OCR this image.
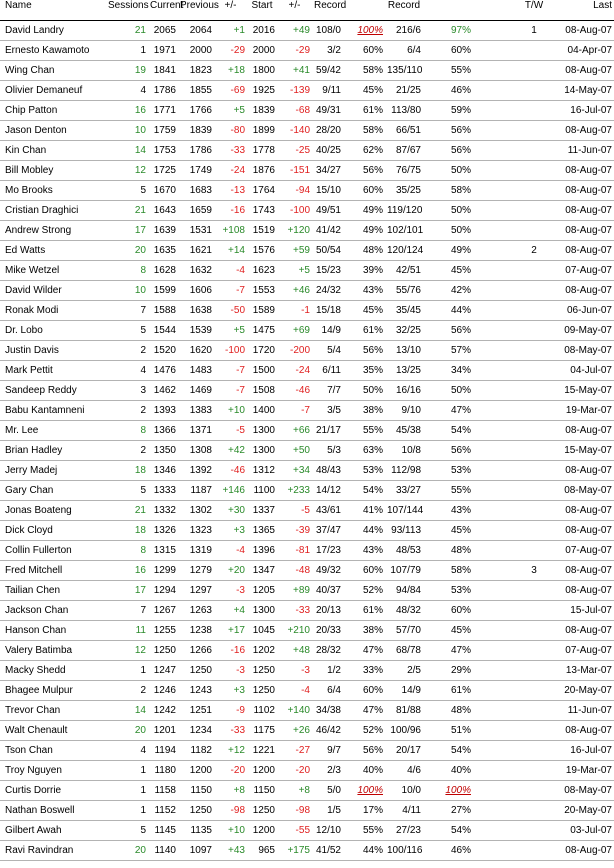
Name	Sessions	Current	Previous	+/-	Start	+/-	Record		Record			T/W	Last
David Landry	21	2065	2064	+1	2016	+49	108/0	100%	216/6	97%		1	08-Aug-07
Ernesto Kawamoto	1	1971	2000	-29	2000	-29	3/2	60%	6/4	60%			04-Apr-07
Wing Chan	19	1841	1823	+18	1800	+41	59/42	58%	135/110	55%			08-Aug-07
Olivier Demaneuf	4	1786	1855	-69	1925	-139	9/11	45%	21/25	46%			14-May-07
Chip Patton	16	1771	1766	+5	1839	-68	49/31	61%	113/80	59%			16-Jul-07
Jason Denton	10	1759	1839	-80	1899	-140	28/20	58%	66/51	56%			08-Aug-07
Kin Chan	14	1753	1786	-33	1778	-25	40/25	62%	87/67	56%			11-Jun-07
Bill Mobley	12	1725	1749	-24	1876	-151	34/27	56%	76/75	50%			08-Aug-07
Mo Brooks	5	1670	1683	-13	1764	-94	15/10	60%	35/25	58%			08-Aug-07
Cristian Draghici	21	1643	1659	-16	1743	-100	49/51	49%	119/120	50%			08-Aug-07
Andrew Strong	17	1639	1531	+108	1519	+120	41/42	49%	102/101	50%			08-Aug-07
Ed Watts	20	1635	1621	+14	1576	+59	50/54	48%	120/124	49%		2	08-Aug-07
Mike Wetzel	8	1628	1632	-4	1623	+5	15/23	39%	42/51	45%			07-Aug-07
David Wilder	10	1599	1606	-7	1553	+46	24/32	43%	55/76	42%			08-Aug-07
Ronak Modi	7	1588	1638	-50	1589	-1	15/18	45%	35/45	44%			06-Jun-07
Dr. Lobo	5	1544	1539	+5	1475	+69	14/9	61%	32/25	56%			09-May-07
Justin Davis	2	1520	1620	-100	1720	-200	5/4	56%	13/10	57%			08-May-07
Mark Pettit	4	1476	1483	-7	1500	-24	6/11	35%	13/25	34%			04-Jul-07
Sandeep Reddy	3	1462	1469	-7	1508	-46	7/7	50%	16/16	50%			15-May-07
Babu Kantamneni	2	1393	1383	+10	1400	-7	3/5	38%	9/10	47%			19-Mar-07
Mr. Lee	8	1366	1371	-5	1300	+66	21/17	55%	45/38	54%			08-Aug-07
Brian Hadley	2	1350	1308	+42	1300	+50	5/3	63%	10/8	56%			15-May-07
Jerry Madej	18	1346	1392	-46	1312	+34	48/43	53%	112/98	53%			08-Aug-07
Gary Chan	5	1333	1187	+146	1100	+233	14/12	54%	33/27	55%			08-May-07
Jonas Boateng	21	1332	1302	+30	1337	-5	43/61	41%	107/144	43%			08-Aug-07
Dick Cloyd	18	1326	1323	+3	1365	-39	37/47	44%	93/113	45%			08-Aug-07
Collin Fullerton	8	1315	1319	-4	1396	-81	17/23	43%	48/53	48%			07-Aug-07
Fred Mitchell	16	1299	1279	+20	1347	-48	49/32	60%	107/79	58%		3	08-Aug-07
Tailian Chen	17	1294	1297	-3	1205	+89	40/37	52%	94/84	53%			08-Aug-07
Jackson Chan	7	1267	1263	+4	1300	-33	20/13	61%	48/32	60%			15-Jul-07
Hanson Chan	11	1255	1238	+17	1045	+210	20/33	38%	57/70	45%			08-Aug-07
Valery Batimba	12	1250	1266	-16	1202	+48	28/32	47%	68/78	47%			07-Aug-07
Macky Shedd	1	1247	1250	-3	1250	-3	1/2	33%	2/5	29%			13-Mar-07
Bhagee Mulpur	2	1246	1243	+3	1250	-4	6/4	60%	14/9	61%			20-May-07
Trevor Chan	14	1242	1251	-9	1102	+140	34/38	47%	81/88	48%			11-Jun-07
Walt Chenault	20	1201	1234	-33	1175	+26	46/42	52%	100/96	51%			08-Aug-07
Tson Chan	4	1194	1182	+12	1221	-27	9/7	56%	20/17	54%			16-Jul-07
Troy Nguyen	1	1180	1200	-20	1200	-20	2/3	40%	4/6	40%			19-Mar-07
Curtis Dorrie	1	1158	1150	+8	1150	+8	5/0	100%	10/0	100%			08-May-07
Nathan Boswell	1	1152	1250	-98	1250	-98	1/5	17%	4/11	27%			20-May-07
Gilbert Awah	5	1145	1135	+10	1200	-55	12/10	55%	27/23	54%			03-Jul-07
Ravi Ravindran	20	1140	1097	+43	965	+175	41/52	44%	100/116	46%			08-Aug-07
